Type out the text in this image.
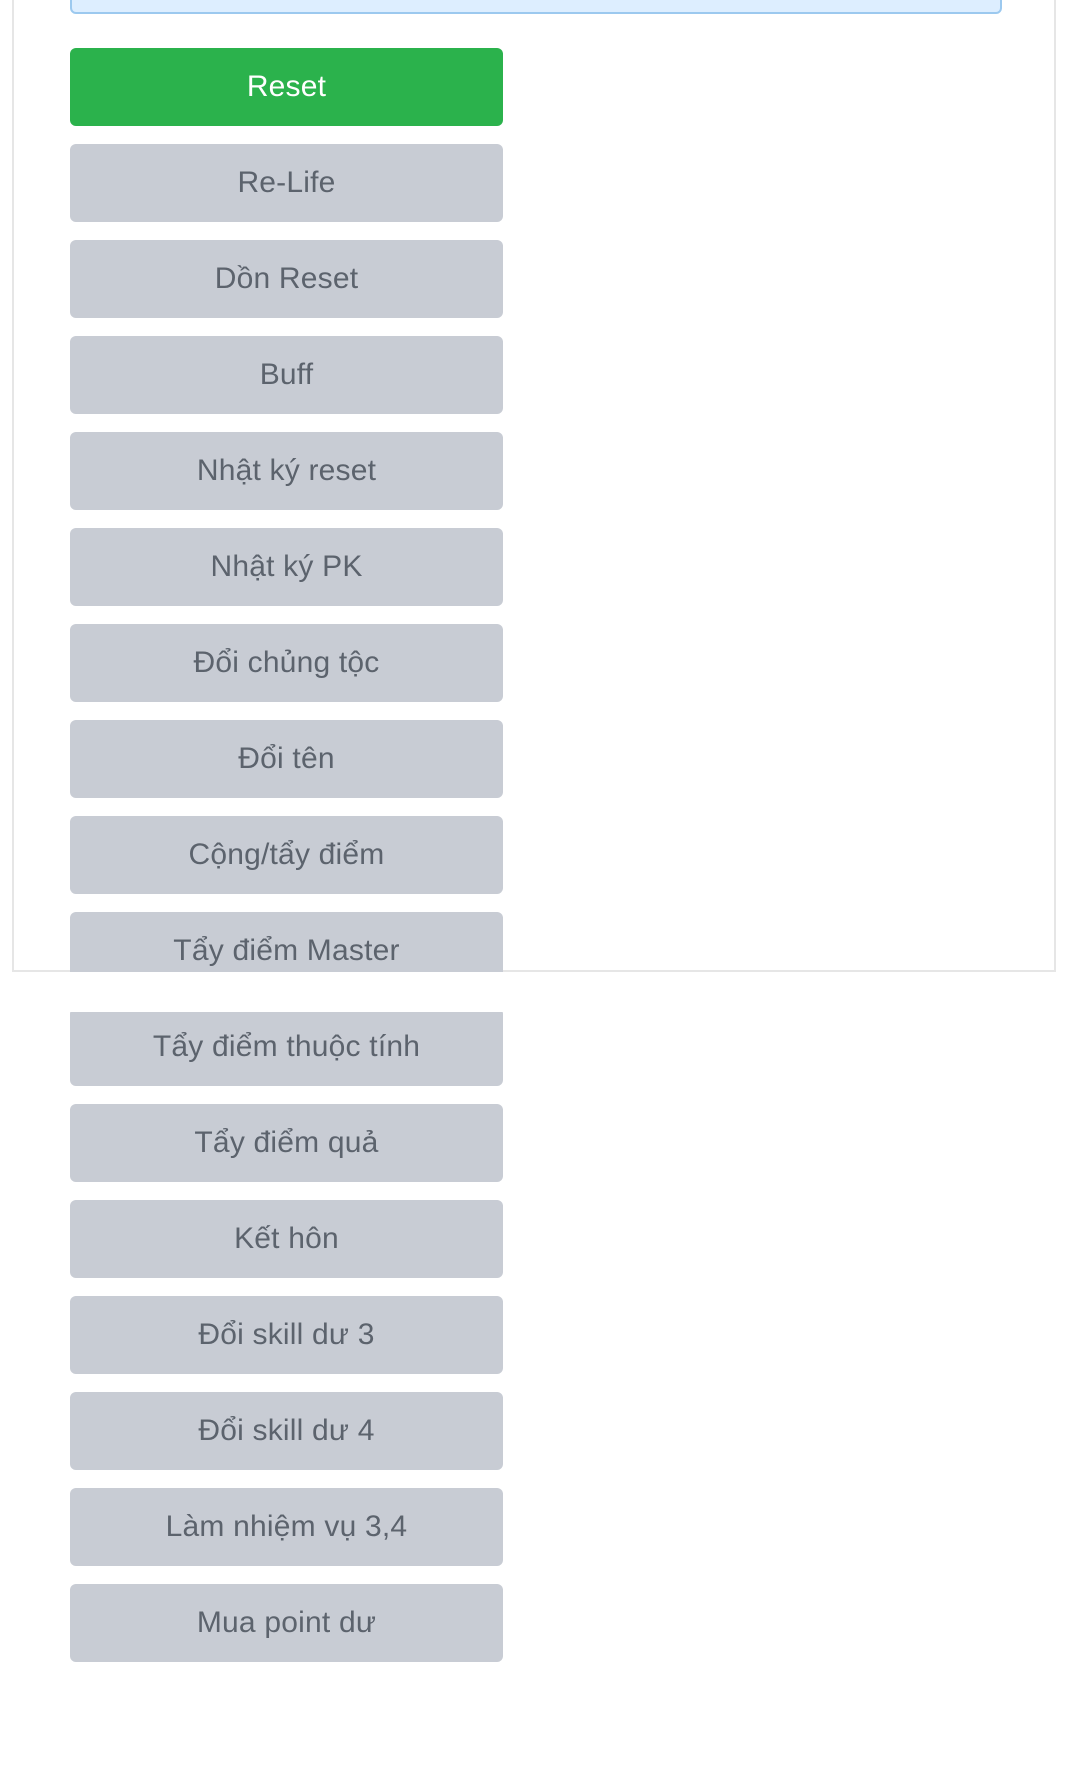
Reset
Re-Life
Dồn Reset
Buff
Nhật ký reset
Nhật ký PK
Đổi chủng tộc
Đổi tên
Cộng/tẩy điểm
Tẩy điểm Master
Tẩy điểm thuộc tính
Tẩy điểm quả
Kết hôn
Đổi skill dư 3
Đổi skill dư 4
Làm nhiệm vụ 3,4
Mua point dư
